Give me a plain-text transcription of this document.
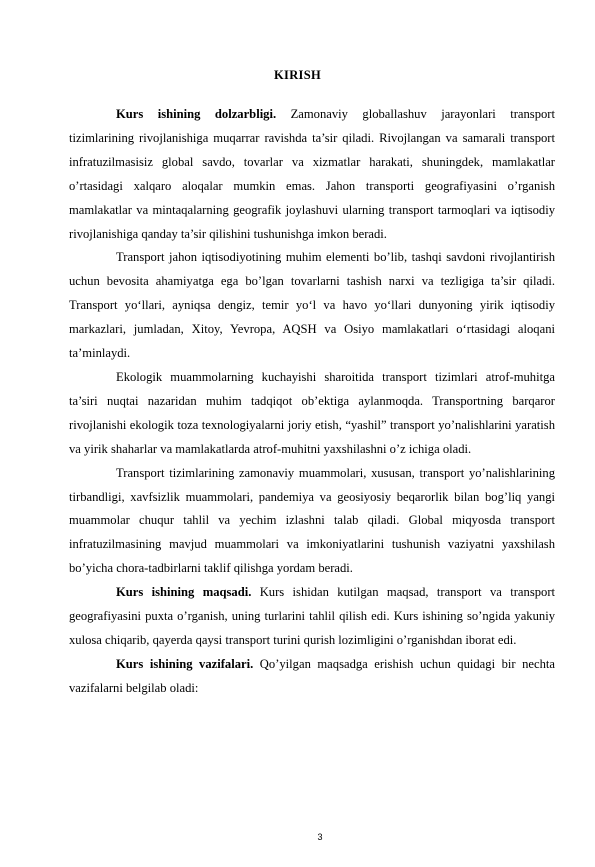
KIRISH

Kurs ishining dolzarbligi. Zamonaviy globallashuv jarayonlari transport tizimlarining rivojlanishiga muqarrar ravishda ta’sir qiladi. Rivojlangan va samarali transport infratuzilmasisiz global savdo, tovarlar va xizmatlar harakati, shuningdek, mamlakatlar o’rtasidagi xalqaro aloqalar mumkin emas. Jahon transporti geografiyasini o’rganish mamlakatlar va mintaqalarning geografik joylashuvi ularning transport tarmoqlari va iqtisodiy rivojlanishiga qanday ta’sir qilishini tushunishga imkon beradi.

Transport jahon iqtisodiyotining muhim elementi bo’lib, tashqi savdoni rivojlantirish uchun bevosita ahamiyatga ega bo’lgan tovarlarni tashish narxi va tezligiga ta’sir qiladi. Transport yo‘llari, ayniqsa dengiz, temir yo‘l va havo yo‘llari dunyoning yirik iqtisodiy markazlari, jumladan, Xitoy, Yevropa, AQSH va Osiyo mamlakatlari o‘rtasidagi aloqani taʼminlaydi.

Ekologik muammolarning kuchayishi sharoitida transport tizimlari atrof-muhitga ta’siri nuqtai nazaridan muhim tadqiqot ob’ektiga aylanmoqda. Transportning barqaror rivojlanishi ekologik toza texnologiyalarni joriy etish, “yashil” transport yo’nalishlarini yaratish va yirik shaharlar va mamlakatlarda atrof-muhitni yaxshilashni o’z ichiga oladi.

Transport tizimlarining zamonaviy muammolari, xususan, transport yo’nalishlarining tirbandligi, xavfsizlik muammolari, pandemiya va geosiyosiy beqarorlik bilan bog’liq yangi muammolar chuqur tahlil va yechim izlashni talab qiladi. Global miqyosda transport infratuzilmasining mavjud muammolari va imkoniyatlarini tushunish vaziyatni yaxshilash bo’yicha chora-tadbirlarni taklif qilishga yordam beradi.

Kurs ishining maqsadi. Kurs ishidan kutilgan maqsad, transport va transport geografiyasini puxta o’rganish, uning turlarini tahlil qilish edi. Kurs ishining so’ngida yakuniy xulosa chiqarib, qayerda qaysi transport turini qurish lozimligini o’rganishdan iborat edi.

Kurs ishining vazifalari. Qo’yilgan maqsadga erishish uchun quidagi bir nechta vazifalarni belgilab oladi:

3
